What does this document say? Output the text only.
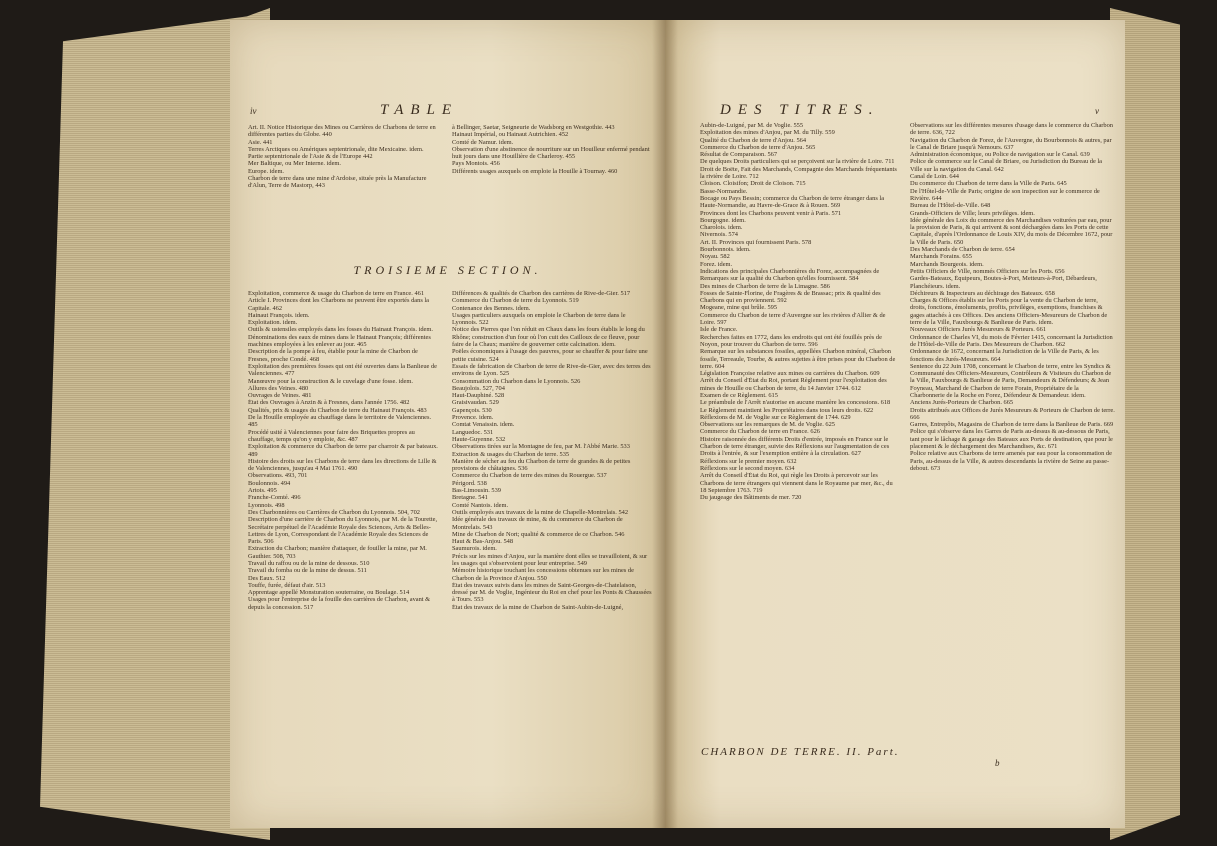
iv	TABLE
Art. II. Notice Historique des Mines ou Carrières de Charbons de terre en différentes parties du Globe. 440
Asie. 441
Terres Arctiques ou Amériques septentrionale, dite Mexicaine. idem.
Partie septentrionale de l'Asie & de l'Europe 442
Mer Baltique, ou Mer Interne. idem.
Europe. idem.
Charbon de terre dans une mine d'Ardoise, située près la Manufacture d'Alun, Terre de Mastorp, 443
à Bellinger, Saetar, Seigneurie de Wadsborg en Westgothie. 443
Hainaut Impérial, ou Hainaut Autrichien. 452
Comté de Namur. idem.
Observation d'une abstinence de nourriture sur un Houilleur enfermé pendant huit jours dans une Houillière de Charleroy. 455
Pays Montois. 456
Différents usages auxquels on emploie la Houille à Tournay. 460
TROISIEME SECTION.
Exploitation, commerce & usage du Charbon de terre en France. 461
Article I. Provinces dont les Charbons ne peuvent être exportés dans la Capitale. 462
Hainaut François. idem.
Exploitation. idem.
Outils & ustensiles employés dans les fosses du Hainaut François. idem.
Dénominations des eaux de mines dans le Hainaut François; différentes machines employées à les enlever au jour. 465
Description de la pompe à feu, établie pour la mine de Charbon de Fresnes, proche Condé. 468
Exploitation des premières fosses qui ont été ouvertes dans la Banlieue de Valenciennes. 477
Manœuvre pour la construction & le cuvelage d'une fosse. idem.
Allures des Veines. 480
Ouvrages de Veines. 481
État des Ouvrages à Anzin & à Fresnes, dans l'année 1756. 482
Qualités, prix & usages du Charbon de terre du Hainaut François. 483
De la Houille employée au chauffage dans le territoire de Valenciennes. 485
Procédé usité à Valenciennes pour faire des Briquettes propres au chauffage, temps qu'on y emploie, &c. 487
Exploitation & commerce du Charbon de terre par charroir & par bateaux. 489
Histoire des droits sur les Charbons de terre dans les directions de Lille & de Valenciennes, jusqu'au 4 Mai 1761. 490
Observations. 493, 701
Boulonnois. 494
Artois. 495
Franche-Comté. 496
Lyonnois. 498
Des Charbonnières ou Carrières de Charbon du Lyonnois. 504, 702
Description d'une carrière de Charbon du Lyonnois, par M. de la Tourette, Secrétaire perpétuel de l'Académie Royale des Sciences, Arts & Belles-Lettres de Lyon, Correspondant de l'Académie Royale des Sciences de Paris. 506
Extraction du Charbon; manière d'attaquer, de fouiller la mine, par M. Gauthier. 508, 703
Travail du raffou ou de la mine de dessous. 510
Travail du fomba ou de la mine de dessus. 511
Des Eaux. 512
Touffe, furée, défaut d'air. 513
Apprentage appellé Monsturation souterraine, ou Boulage. 514
Usages pour l'entreprise de la fouille des carrières de Charbon, avant & depuis la concession. 517
Différences & qualités de Charbon des carrières de Rive-de-Gier. 517
Commerce du Charbon de terre du Lyonnois. 519
Contenance des Bennes. idem.
Usages particuliers auxquels on emploie le Charbon de terre dans le Lyonnois. 522
Notice des Pierres que l'on réduit en Chaux dans les fours établis le long du Rhône; construction d'un four où l'on cuit des Cailloux de ce fleuve, pour faire de la Chaux; manière de gouverner cette calcination. idem.
Poëles économiques à l'usage des pauvres, pour se chauffer & pour faire une petite cuisine. 524
Essais de fabrication de Charbon de terre de Rive-de-Gier, avec des terres des environs de Lyon. 525
Consommation du Charbon dans le Lyonnois. 526
Beaujolois. 527, 704
Haut-Dauphiné. 528
Graisivaudan. 529
Gapençois. 530
Provence. idem.
Comtat Venaissin. idem.
Languedoc. 531
Haute-Guyenne. 532
Observations tirées sur la Montagne de feu, par M. l'Abbé Marie. 533
Extraction & usages du Charbon de terre. 535
Manière de sécher au feu du Charbon de terre de grandes & de petites provisions de châtaignes. 536
Commerce du Charbon de terre des mines du Rouergue. 537
Périgord. 538
Bas-Limousin. 539
Bretagne. 541
Comté Nantois. idem.
Outils employés aux travaux de la mine de Chapelle-Montrelais. 542
Idée générale des travaux de mine, & du commerce du Charbon de Montrelais. 543
Mine de Charbon de Nort; qualité & commerce de ce Charbon. 546
Haut & Bas-Anjou. 548
Saumurois. idem.
Précis sur les mines d'Anjou, sur la manière dont elles se travailloient, & sur les usages qui s'observoient pour leur entreprise. 549
Mémoire historique touchant les concessions obtenues sur les mines de Charbon de la Province d'Anjou. 550
État des travaux suivis dans les mines de Saint-Georges-de-Chatelaison, dressé par M. de Voglie, Ingénieur du Roi en chef pour les Ponts & Chaussées à Tours. 553
État des travaux de la mine de Charbon de Saint-Aubin-de-Luigné,
DES TITRES.	v
Aubin-de-Luigné, par M. de Voglie. 555
Exploitation des mines d'Anjou, par M. du Tilly. 559
Qualité du Charbon de terre d'Anjou. 564
Commerce du Charbon de terre d'Anjou. 565
Résultat de Comparaison. 567
De quelques Droits particuliers qui se perçoivent sur la rivière de Loire. 711
Droit de Boëte, Fait des Marchands, Compagnie des Marchands fréquentants la rivière de Loire. 712
Cloison. Cloisifon; Droit de Cloison. 715
Basse-Normandie.
Bocage ou Pays Bessin; commerce du Charbon de terre étranger dans la Haute-Normandie, au Havre-de-Grace & à Rouen. 569
Provinces dont les Charbons peuvent venir à Paris. 571
Bourgogne. idem.
Charolois. idem.
Nivernois. 574
Art. II. Provinces qui fournissent Paris. 578
Bourbonnois. idem.
Noyau. 582
Forez. idem.
Indications des principales Charbonnières du Forez, accompagnées de Remarques sur la qualité du Charbon qu'elles fournissent. 584
Des mines de Charbon de terre de la Limagne. 586
Fosses de Sainte-Florine, de Fragères & de Brassac; prix & qualité des Charbons qui en proviennent. 592
Mogeane, mine qui brûle. 595
Commerce du Charbon de terre d'Auvergne sur les rivières d'Allier & de Loire. 597
Isle de France.
Recherches faites en 1772, dans les endroits qui ont été fouillés près de Noyon, pour trouver du Charbon de terre. 596
Remarque sur les substances fossiles, appellées Charbon minéral, Charbon fossile, Terreaule, Tourbe, & autres sujettes à être prises pour du Charbon de terre. 604
Législation Françoise relative aux mines ou carrières du Charbon. 609
Arrêt du Conseil d'État du Roi, portant Règlement pour l'exploitation des mines de Houille ou Charbon de terre, du 14 Janvier 1744. 612
Examen de ce Règlement. 615
Le préambule de l'Arrêt n'autorise en aucune manière les concessions. 618
Le Règlement maintient les Propriétaires dans tous leurs droits. 622
Réflexions de M. de Voglie sur ce Règlement de 1744. 629
Observations sur les remarques de M. de Voglie. 625
Commerce du Charbon de terre en France. 626
Histoire raisonnée des différents Droits d'entrée, imposés en France sur le Charbon de terre étranger, suivie des Réflexions sur l'augmentation de ces Droits à l'entrée, & sur l'exemption entière à la circulation. 627
Réflexions sur le premier moyen. 632
Réflexions sur le second moyen. 634
Arrêt du Conseil d'État du Roi, qui règle les Droits à percevoir sur les Charbons de terre étrangers qui viennent dans le Royaume par mer, &c., du 18 Septembre 1763. 719
Du jaugeage des Bâtiments de mer. 720
Observations sur les différentes mesures d'usage dans le commerce du Charbon de terre. 636, 722
Navigation du Charbon de Forez, de l'Auvergne, du Bourbonnois & autres, par le Canal de Briare jusqu'à Nemours. 637
Administration économique, ou Police de navigation sur le Canal. 639
Police de commerce sur le Canal de Briare, ou Jurisdiction du Bureau de la Ville sur la navigation du Canal. 642
Canal de Loin. 644
Du commerce du Charbon de terre dans la Ville de Paris. 645
De l'Hôtel-de-Ville de Paris; origine de son inspection sur le commerce de Rivière. 644
Bureau de l'Hôtel-de-Ville. 648
Grands-Officiers de Ville; leurs privilèges. idem.
Idée générale des Loix du commerce des Marchandises voiturées par eau, pour la provision de Paris, & qui arrivent & sont déchargées dans les Ports de cette Capitale, d'après l'Ordonnance de Louis XIV, du mois de Décembre 1672, pour la Ville de Paris. 650
Des Marchands de Charbon de terre. 654
Marchands Forains. 655
Marchands Bourgeois. idem.
Petits Officiers de Ville, nommés Officiers sur les Ports. 656
Gardes-Bateaux, Équipeurs, Boutes-à-Port, Metteurs-à-Port, Débardeurs, Planchéieurs. idem.
Déchireurs & Inspecteurs au déchirage des Bateaux. 658
Charges & Offices établis sur les Ports pour la vente du Charbon de terre, droits, fonctions, émoluments, profits, privilèges, exemptions, franchises & gages attachés à ces Offices. Des anciens Officiers-Mesureurs de Charbon de terre de la Ville, Fauxbourgs & Banlieue de Paris. idem.
Nouveaux Officiers Jurés Mesureurs & Porteurs. 661
Ordonnance de Charles VI, du mois de Février 1415, concernant la Jurisdiction de l'Hôtel-de-Ville de Paris. Des Mesureurs de Charbon. 662
Ordonnance de 1672, concernant la Jurisdiction de la Ville de Paris, & les fonctions des Jurés-Mesureurs. 664
Sentence du 22 Juin 1708, concernant le Charbon de terre, entre les Syndics & Communauté des Officiers-Mesureurs, Contrôleurs & Visiteurs du Charbon de la Ville, Fauxbourgs & Banlieue de Paris, Demandeurs & Défendeurs; & Jean Foyneau, Marchand de Charbon de terre Forain, Propriétaire de la Charbonnerie de la Roche en Forez, Défendeur & Demandeur. idem.
Anciens Jurés-Porteurs de Charbon. 665
Droits attribués aux Offices de Jurés Mesureurs & Porteurs de Charbon de terre. 666
Garres, Entrepôts, Magasins de Charbon de terre dans la Banlieue de Paris. 669
Police qui s'observe dans les Garres de Paris au-dessus & au-dessous de Paris, tant pour le lâchage & garage des Bateaux aux Ports de destination, que pour le placement & le déchargement des Marchandises, &c. 671
Police relative aux Charbons de terre amenés par eau pour la consommation de Paris, au-dessus de la Ville, & autres descendants la rivière de Seine au passe-debout. 673
CHARBON DE TERRE. II. Part.
b
